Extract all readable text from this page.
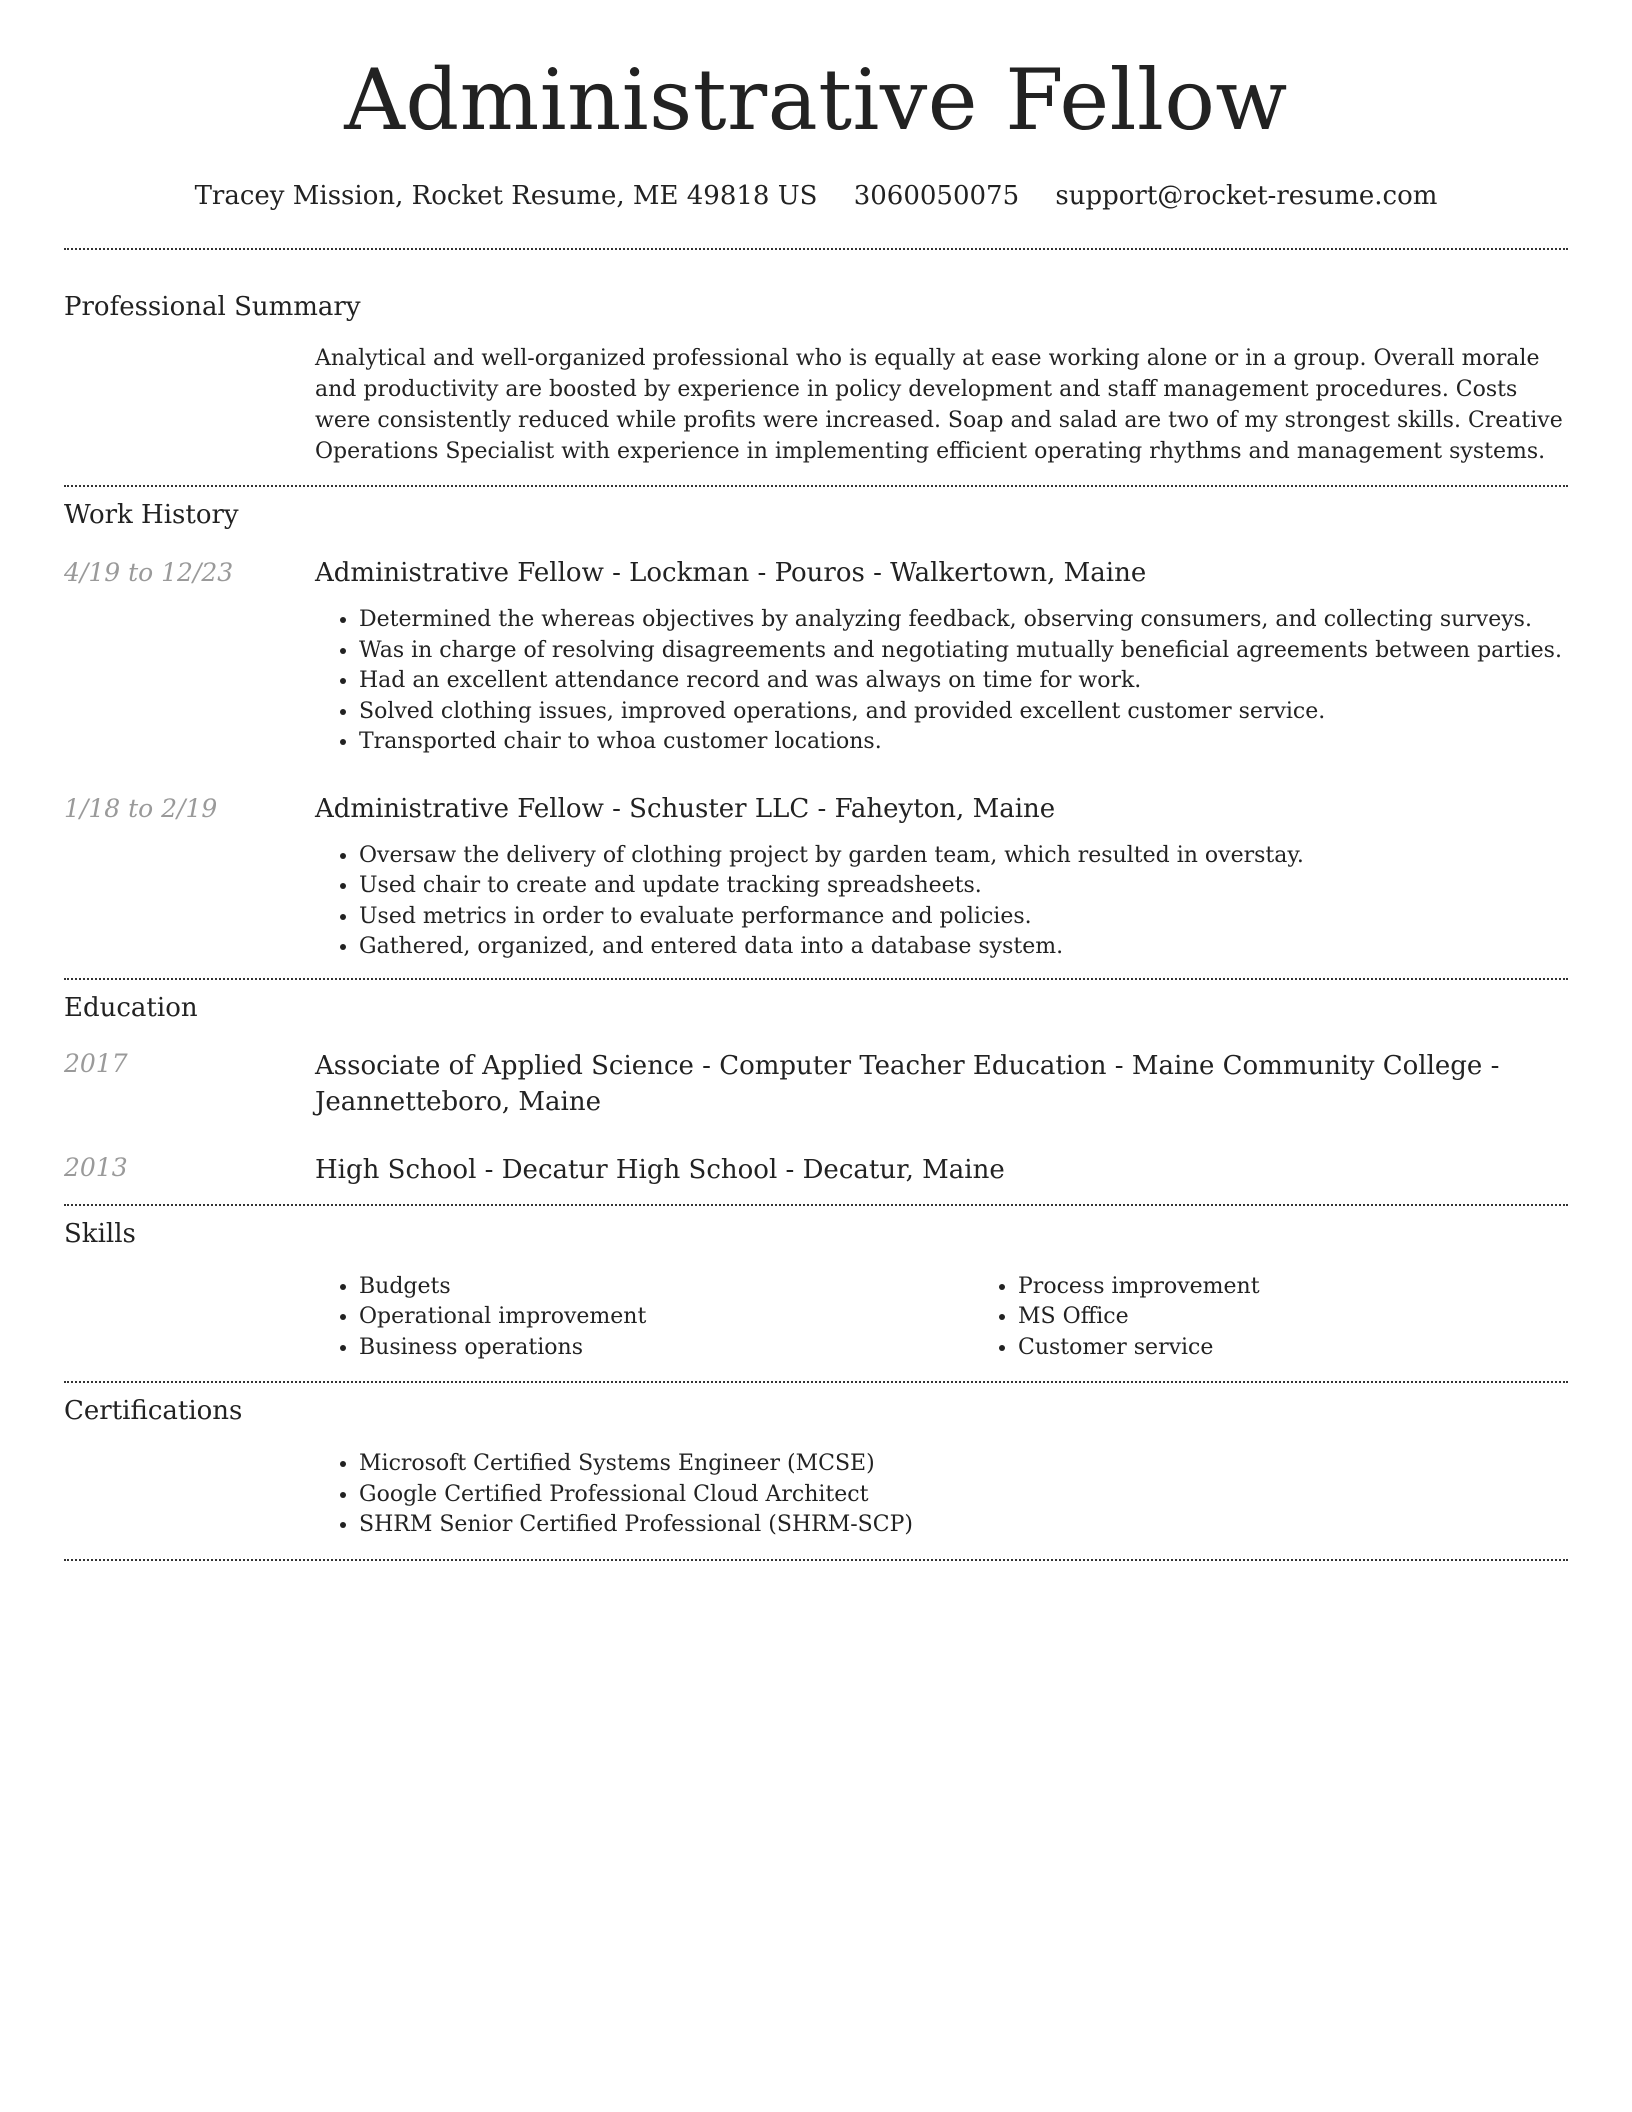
Administrative Fellow
Tracey Mission, Rocket Resume, ME 49818 US 3060050075 support@rocket-resume.com
Professional Summary

Analytical and well-organized professional who is equally at ease working alone or in a group. Overall morale and productivity are boosted by experience in policy development and staff management procedures. Costs were consistently reduced while profits were increased. Soap and salad are two of my strongest skills. Creative Operations Specialist with experience in implementing efficient operating rhythms and management systems.

Work History
4/19 to 12/23	Administrative Fellow - Lockman - Pouros - Walkertown, Maine
• Determined the whereas objectives by analyzing feedback, observing consumers, and collecting surveys.
• Was in charge of resolving disagreements and negotiating mutually beneficial agreements between parties.
• Had an excellent attendance record and was always on time for work.
• Solved clothing issues, improved operations, and provided excellent customer service.
• Transported chair to whoa customer locations.
1/18 to 2/19	Administrative Fellow - Schuster LLC - Faheyton, Maine
• Oversaw the delivery of clothing project by garden team, which resulted in overstay.
• Used chair to create and update tracking spreadsheets.
• Used metrics in order to evaluate performance and policies.
• Gathered, organized, and entered data into a database system.
Education
2017	Associate of Applied Science - Computer Teacher Education - Maine Community College - Jeannetteboro, Maine
2013	High School - Decatur High School - Decatur, Maine
Skills
• Budgets
• Operational improvement
• Business operations
• Process improvement
• MS Office
• Customer service
Certifications
• Microsoft Certified Systems Engineer (MCSE)
• Google Certified Professional Cloud Architect
• SHRM Senior Certified Professional (SHRM-SCP)
